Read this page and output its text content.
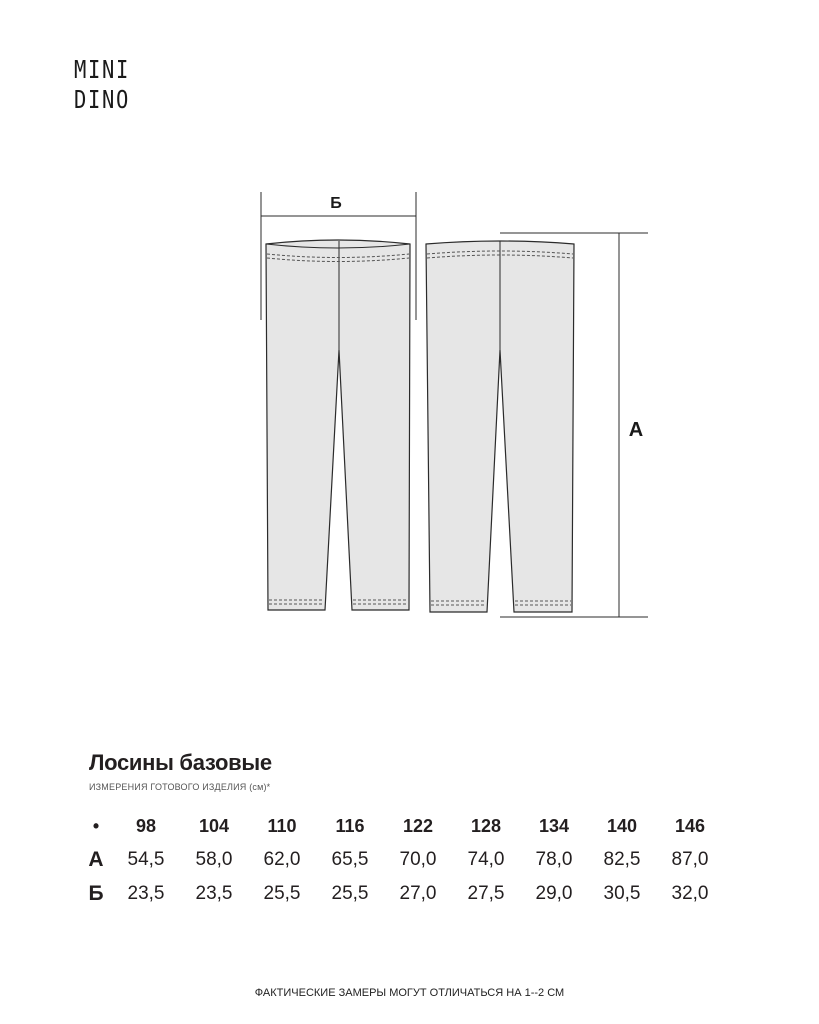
MINI
DINO
Б
А
Лосины базовые
ИЗМЕРЕНИЯ ГОТОВОГО ИЗДЕЛИЯ (см)*
•	98	104	110	116	122	128	134	140	146
А	54,5	58,0	62,0	65,5	70,0	74,0	78,0	82,5	87,0
Б	23,5	23,5	25,5	25,5	27,0	27,5	29,0	30,5	32,0
ФАКТИЧЕСКИЕ ЗАМЕРЫ МОГУТ ОТЛИЧАТЬСЯ НА 1--2 СМ
